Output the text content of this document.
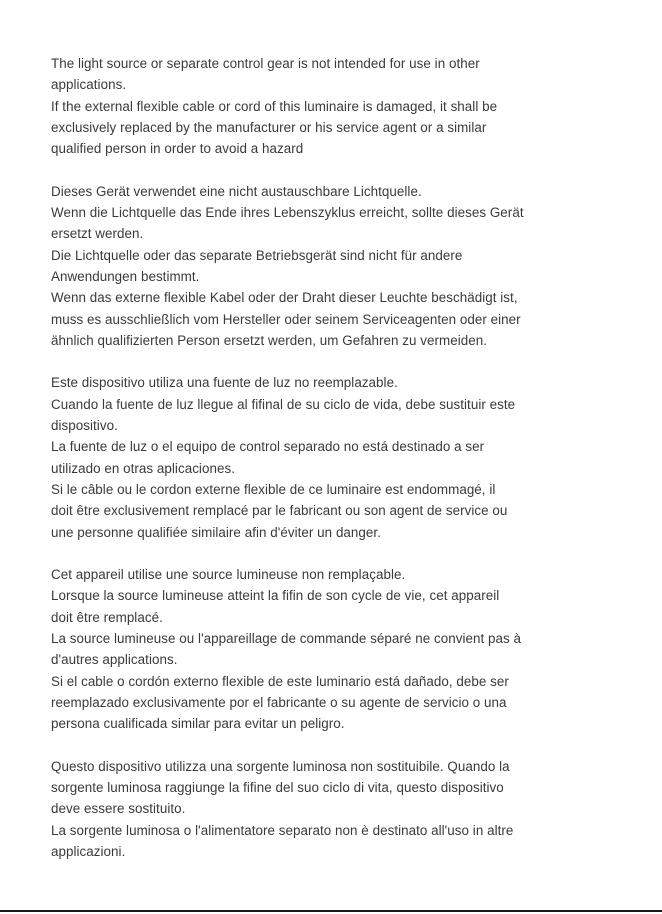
The light source or separate control gear is not intended for use in other
applications.
If the external flexible cable or cord of this luminaire is damaged, it shall be
exclusively replaced by the manufacturer or his service agent or a similar
qualified person in order to avoid a hazard

Dieses Gerät verwendet eine nicht austauschbare Lichtquelle.
Wenn die Lichtquelle das Ende ihres Lebenszyklus erreicht, sollte dieses Gerät
ersetzt werden.
Die Lichtquelle oder das separate Betriebsgerät sind nicht für andere
Anwendungen bestimmt.
Wenn das externe flexible Kabel oder der Draht dieser Leuchte beschädigt ist,
muss es ausschließlich vom Hersteller oder seinem Serviceagenten oder einer
ähnlich qualifizierten Person ersetzt werden, um Gefahren zu vermeiden.

Este dispositivo utiliza una fuente de luz no reemplazable.
Cuando la fuente de luz llegue al fifinal de su ciclo de vida, debe sustituir este
dispositivo.
La fuente de luz o el equipo de control separado no está destinado a ser
utilizado en otras aplicaciones.
Si le câble ou le cordon externe flexible de ce luminaire est endommagé, il
doit être exclusivement remplacé par le fabricant ou son agent de service ou
une personne qualifiée similaire afin d'éviter un danger.

Cet appareil utilise une source lumineuse non remplaçable.
Lorsque la source lumineuse atteint la fifin de son cycle de vie, cet appareil
doit être remplacé.
La source lumineuse ou l'appareillage de commande séparé ne convient pas à
d'autres applications.
Si el cable o cordón externo flexible de este luminario está dañado, debe ser
reemplazado exclusivamente por el fabricante o su agente de servicio o una
persona cualificada similar para evitar un peligro.

Questo dispositivo utilizza una sorgente luminosa non sostituibile. Quando la
sorgente luminosa raggiunge la fifine del suo ciclo di vita, questo dispositivo
deve essere sostituito.
La sorgente luminosa o l'alimentatore separato non è destinato all'uso in altre
applicazioni.
